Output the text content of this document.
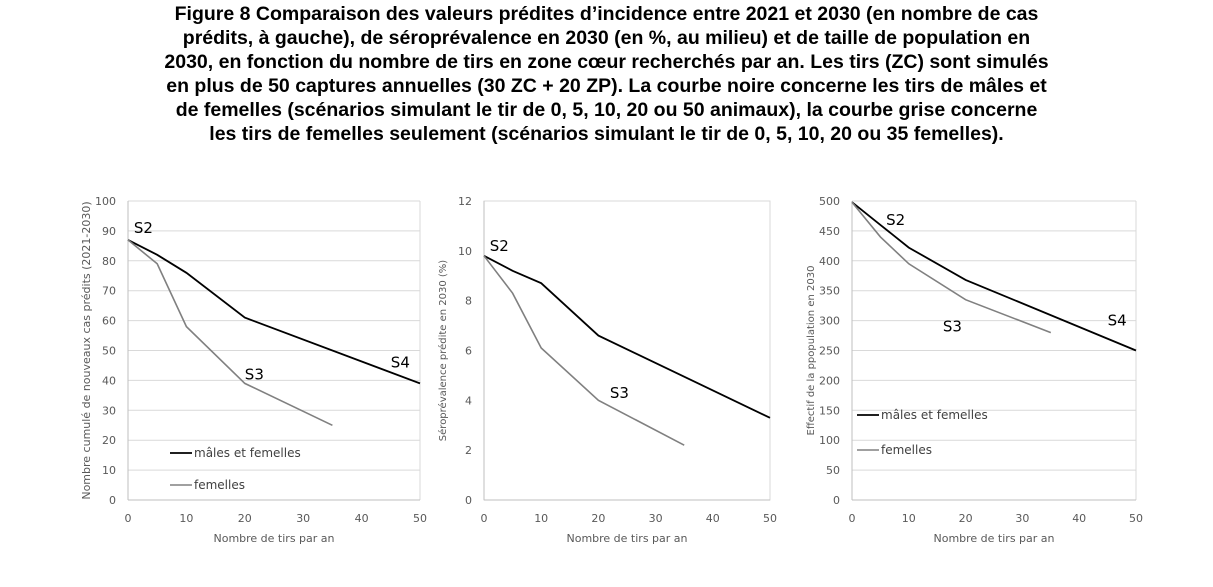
Figure 8 Comparaison des valeurs prédites d’incidence entre 2021 et 2030 (en nombre de cas
prédits, à gauche), de séroprévalence en 2030 (en %, au milieu) et de taille de population en
2030, en fonction du nombre de tirs en zone cœur recherchés par an. Les tirs (ZC) sont simulés
en plus de 50 captures annuelles (30 ZC + 20 ZP). La courbe noire concerne les tirs de mâles et
de femelles (scénarios simulant le tir de 0, 5, 10, 20 ou 50 animaux), la courbe grise concerne
les tirs de femelles seulement (scénarios simulant le tir de 0, 5, 10, 20 ou 35 femelles).
0
10
20
30
40
50
60
70
80
90
100
0	10	20	30	40	50
Nombre de tirs par an
Nombre cumulé de nouveaux cas prédits (2021-2030)	S2
S3
S4
mâles et femelles
femelles
0
2
4
6
8
10
12
0	10	20	30	40	50
Nombre de tirs par an
Séroprévalence prédite en 2030 (%)
S2
S3
0
50
100
150
200
250
300
350
400
450
500
0	10	20	30	40	50
Nombre de tirs par an
Effectif de la ppopulation en 2030
S2
S3	S4
mâles et femelles
femelles
